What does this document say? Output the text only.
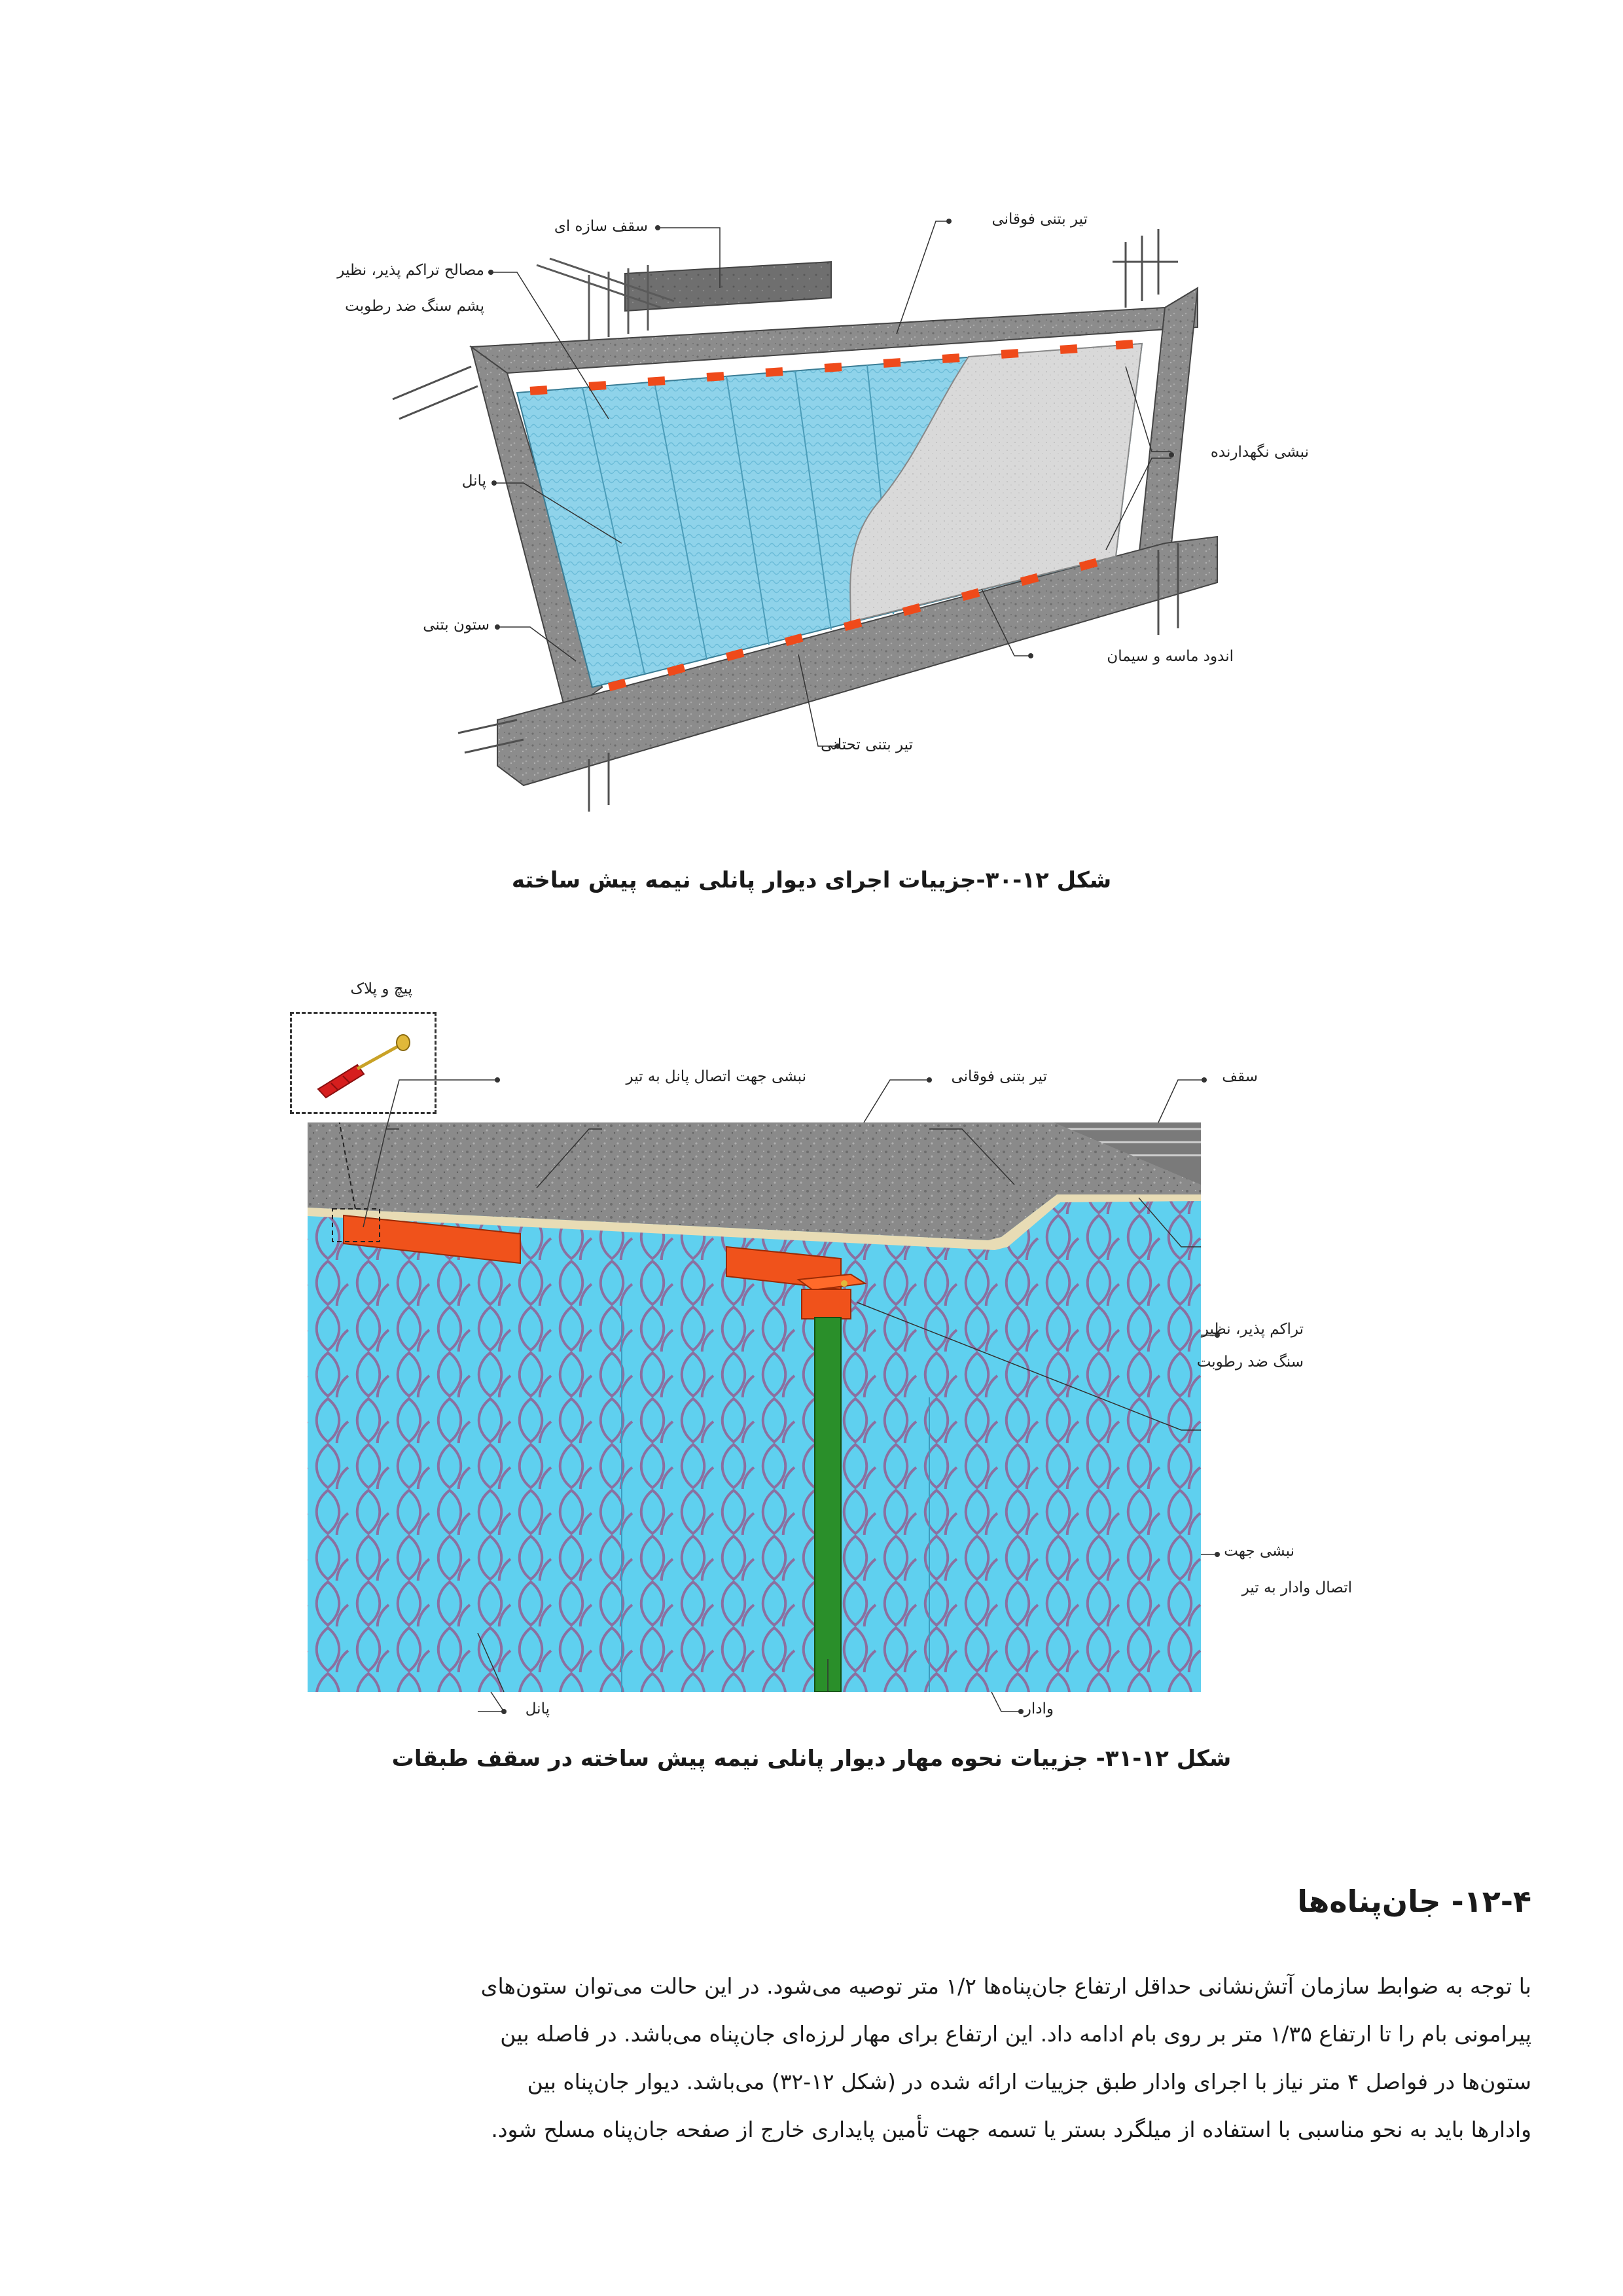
سقف سازه ای	تیر بتنی فوقانی
مصالح تراکم پذیر، نظیر
پشم سنگ ضد رطوبت
نبشی نگهدارنده
پانل
ستون بتنی
اندود ماسه و سیمان
تیر بتنی تحتانی
شکل ۱۲-۳۰-جزییات اجرای دیوار پانلی نیمه پیش ساخته
پیچ و پلاک
نبشی جهت اتصال پانل به تیر	تیر بتنی فوقانی	سقف
تراکم پذیر، نظیر
سنگ ضد رطوبت
نبشی جهت
اتصال وادار به تیر
پانل	وادار
شکل ۱۲-۳۱- جزییات نحوه مهار دیوار پانلی نیمه پیش ساخته در سقف طبقات
۱۲-۴- جان‌پناه‌ها
با توجه به ضوابط سازمان آتش‌نشانی حداقل ارتفاع جان‌پناه‌ها ۱/۲ متر توصیه می‌شود. در این حالت می‌توان ستون‌های
پیرامونی بام را تا ارتفاع ۱/۳۵ متر بر روی بام ادامه داد. این ارتفاع برای مهار لرزه‌ای جان‌پناه می‌باشد. در فاصله بین
ستون‌ها در فواصل ۴ متر نیاز با اجرای وادار طبق جزییات ارائه شده در (شکل ۱۲-۳۲) می‌باشد. دیوار جان‌پناه بین
وادارها باید به نحو مناسبی با استفاده از میلگرد بستر یا تسمه جهت تأمین پایداری خارج از صفحه جان‌پناه مسلح شود.
